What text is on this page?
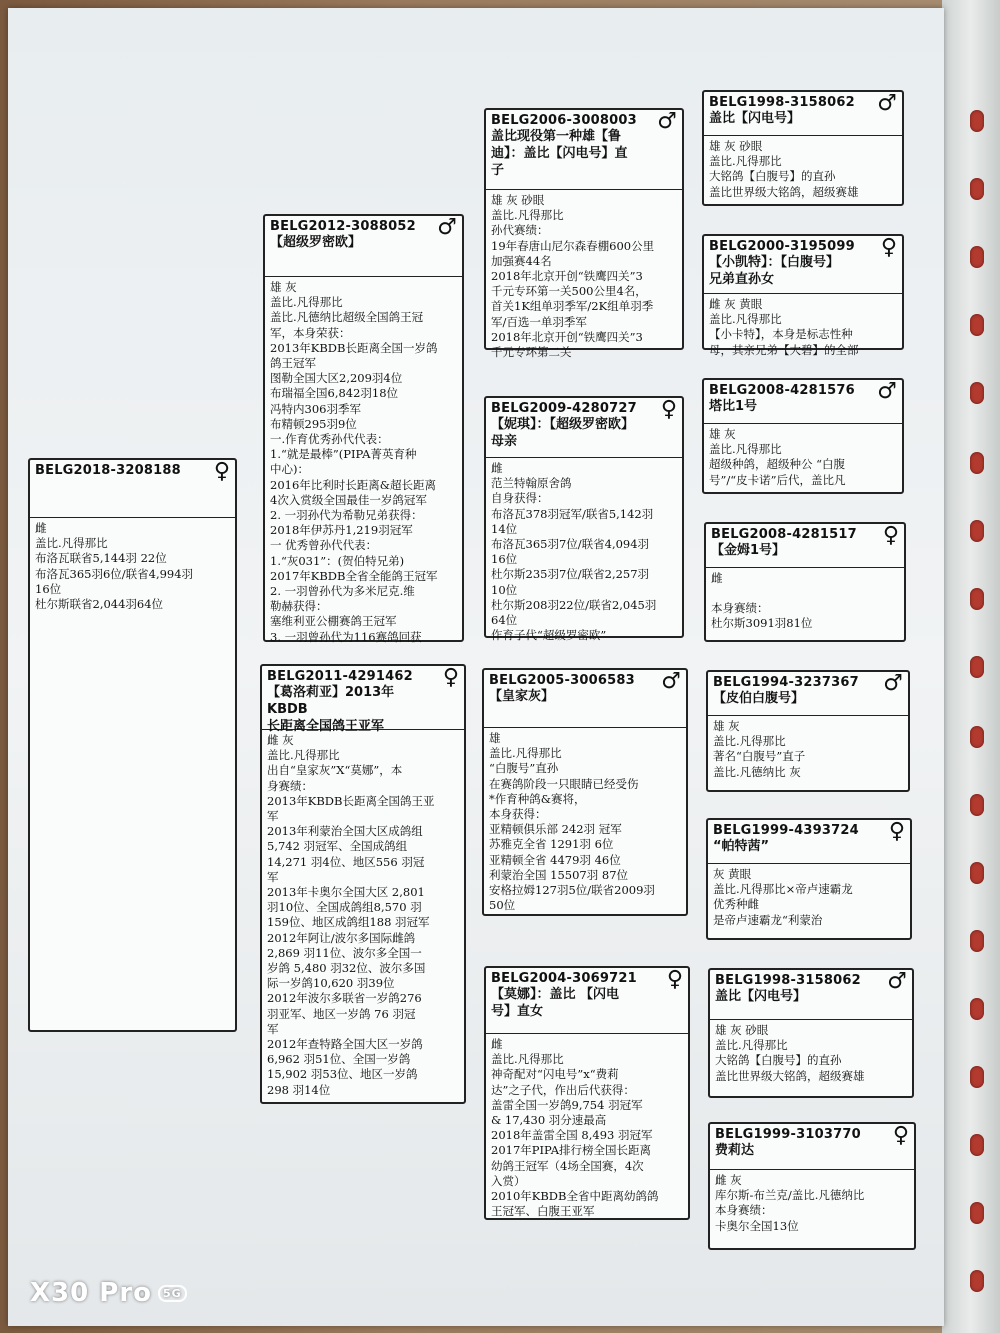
BELG2018-3208188	♀
雌
盖比.凡得那比
布洛瓦联省5,144羽 22位
布洛瓦365羽6位/联省4,994羽
16位
杜尔斯联省2,044羽64位
BELG2012-3088052
【超级罗密欧】
♂
雄 灰
盖比.凡得那比
盖比.凡德纳比超级全国鸽王冠
军，本身荣获：
2013年KBDB长距离全国一岁鸽
鸽王冠军
图勒全国大区2,209羽4位
布瑞福全国6,842羽18位
冯特内306羽季军
布精顿295羽9位
一.作育优秀孙代代表：
1.“就是最棒”(PIPA菁英育种
中心)：
2016年比利时长距离&超长距离
4次入赏级全国最佳一岁鸽冠军
2. 一羽孙代为希勒兄弟获得：
2018年伊苏丹1,219羽冠军
一 优秀曾孙代代表：
1.“灰031”：(贺伯特兄弟)
2017年KBDB全省全能鸽王冠军
2. 一羽曾孙代为多米尼克.维
勒赫获得：
塞维利亚公棚赛鸽王冠军
3. 一羽曾孙代为116赛鸽回获
BELG2011-4291462
【葛洛莉亚】2013年KBDB
长距离全国鸽王亚军
♀
雌 灰
盖比.凡得那比
出自“皇家灰”X“莫娜”，本
身赛绩：
2013年KBDB长距离全国鸽王亚
军
2013年利蒙治全国大区成鸽组
5,742 羽冠军、全国成鸽组
14,271 羽4位、地区556 羽冠
军
2013年卡奥尔全国大区 2,801
羽10位、全国成鸽组8,570 羽
159位、地区成鸽组188 羽冠军
2012年阿让/波尔多国际雌鸽
2,869 羽11位、波尔多全国一
岁鸽 5,480 羽32位、波尔多国
际一岁鸽10,620 羽39位
2012年波尔多联省一岁鸽276
羽亚军、地区一岁鸽 76 羽冠
军
2012年查特路全国大区一岁鸽
6,962 羽51位、全国一岁鸽
15,902 羽53位、地区一岁鸽
298 羽14位
BELG2006-3008003
盖比现役第一种雄【鲁
迪】：盖比【闪电号】直
子
♂
雄 灰 砂眼
盖比.凡得那比
孙代赛绩：
19年春唐山尼尔森春棚600公里
加强赛44名
2018年北京开创“铁鹰四关”3
千元专环第一关500公里4名，
首关1K组单羽季军/2K组单羽季
军/百选一单羽季军
2018年北京开创“铁鹰四关”3
千元专环第二关
BELG2009-4280727
【妮琪】：【超级罗密欧】
母亲
♀
雌
范兰特翰原舍鸽
自身获得：
布洛瓦378羽冠军/联省5,142羽
14位
布洛瓦365羽7位/联省4,094羽
16位
杜尔斯235羽7位/联省2,257羽
10位
杜尔斯208羽22位/联省2,045羽
64位
作育子代“超级罗密欧”
BELG2005-3006583
【皇家灰】
♂
雄
盖比.凡得那比
“白腹号”直孙
在赛鸽阶段一只眼睛已经受伤
*作育种鸽&赛将，
本身获得：
亚精顿俱乐部 242羽 冠军
苏雅克全省 1291羽 6位
亚精顿全省 4479羽 46位
利蒙治全国 15507羽 87位
安格拉姆127羽5位/联省2009羽
50位
BELG2004-3069721
【莫娜】：盖比 【闪电
号】直女
♀
雌
盖比.凡得那比
神奇配对“闪电号”x“费莉
达”之子代，作出后代获得：
盖雷全国一岁鸽9,754 羽冠军
& 17,430 羽分速最高
2018年盖雷全国 8,493 羽冠军
2017年PIPA排行榜全国长距离
幼鸽王冠军（4场全国赛，4次
入赏）
2010年KBDB全省中距离幼鸽鸽
王冠军、白腹王亚军
BELG1998-3158062
盖比【闪电号】
♂
雄 灰 砂眼
盖比.凡得那比
大铭鸽【白腹号】的直孙
盖比世界级大铭鸽，超级赛雄
BELG2000-3195099
【小凯特】：【白腹号】
兄弟直孙女
♀
雌 灰 黄眼
盖比.凡得那比
【小卡特】，本身是标志性种
母，其亲兄弟【大碧】的全部
BELG2008-4281576
塔比1号
♂
雄 灰
盖比.凡得那比
超级种鸽，超级种公 “白腹
号”/“皮卡诺”后代，盖比凡
BELG2008-4281517
【金姆1号】
♀
雌
本身赛绩：
杜尔斯3091羽81位
BELG1994-3237367
【皮伯白腹号】
♂
雄 灰
盖比.凡得那比
著名“白腹号”直子
盖比.凡德纳比 灰
BELG1999-4393724
“帕特茜”
♀
灰 黄眼
盖比.凡得那比×帝卢速霸龙
优秀种雌
是帝卢速霸龙“利蒙治
BELG1998-3158062
盖比【闪电号】
♂
雄 灰 砂眼
盖比.凡得那比
大铭鸽【白腹号】的直孙
盖比世界级大铭鸽，超级赛雄
BELG1999-3103770
费莉达
♀
雌 灰
库尔斯-布兰克/盖比.凡德纳比
本身赛绩：
卡奥尔全国13位
X30 Pro 5G
